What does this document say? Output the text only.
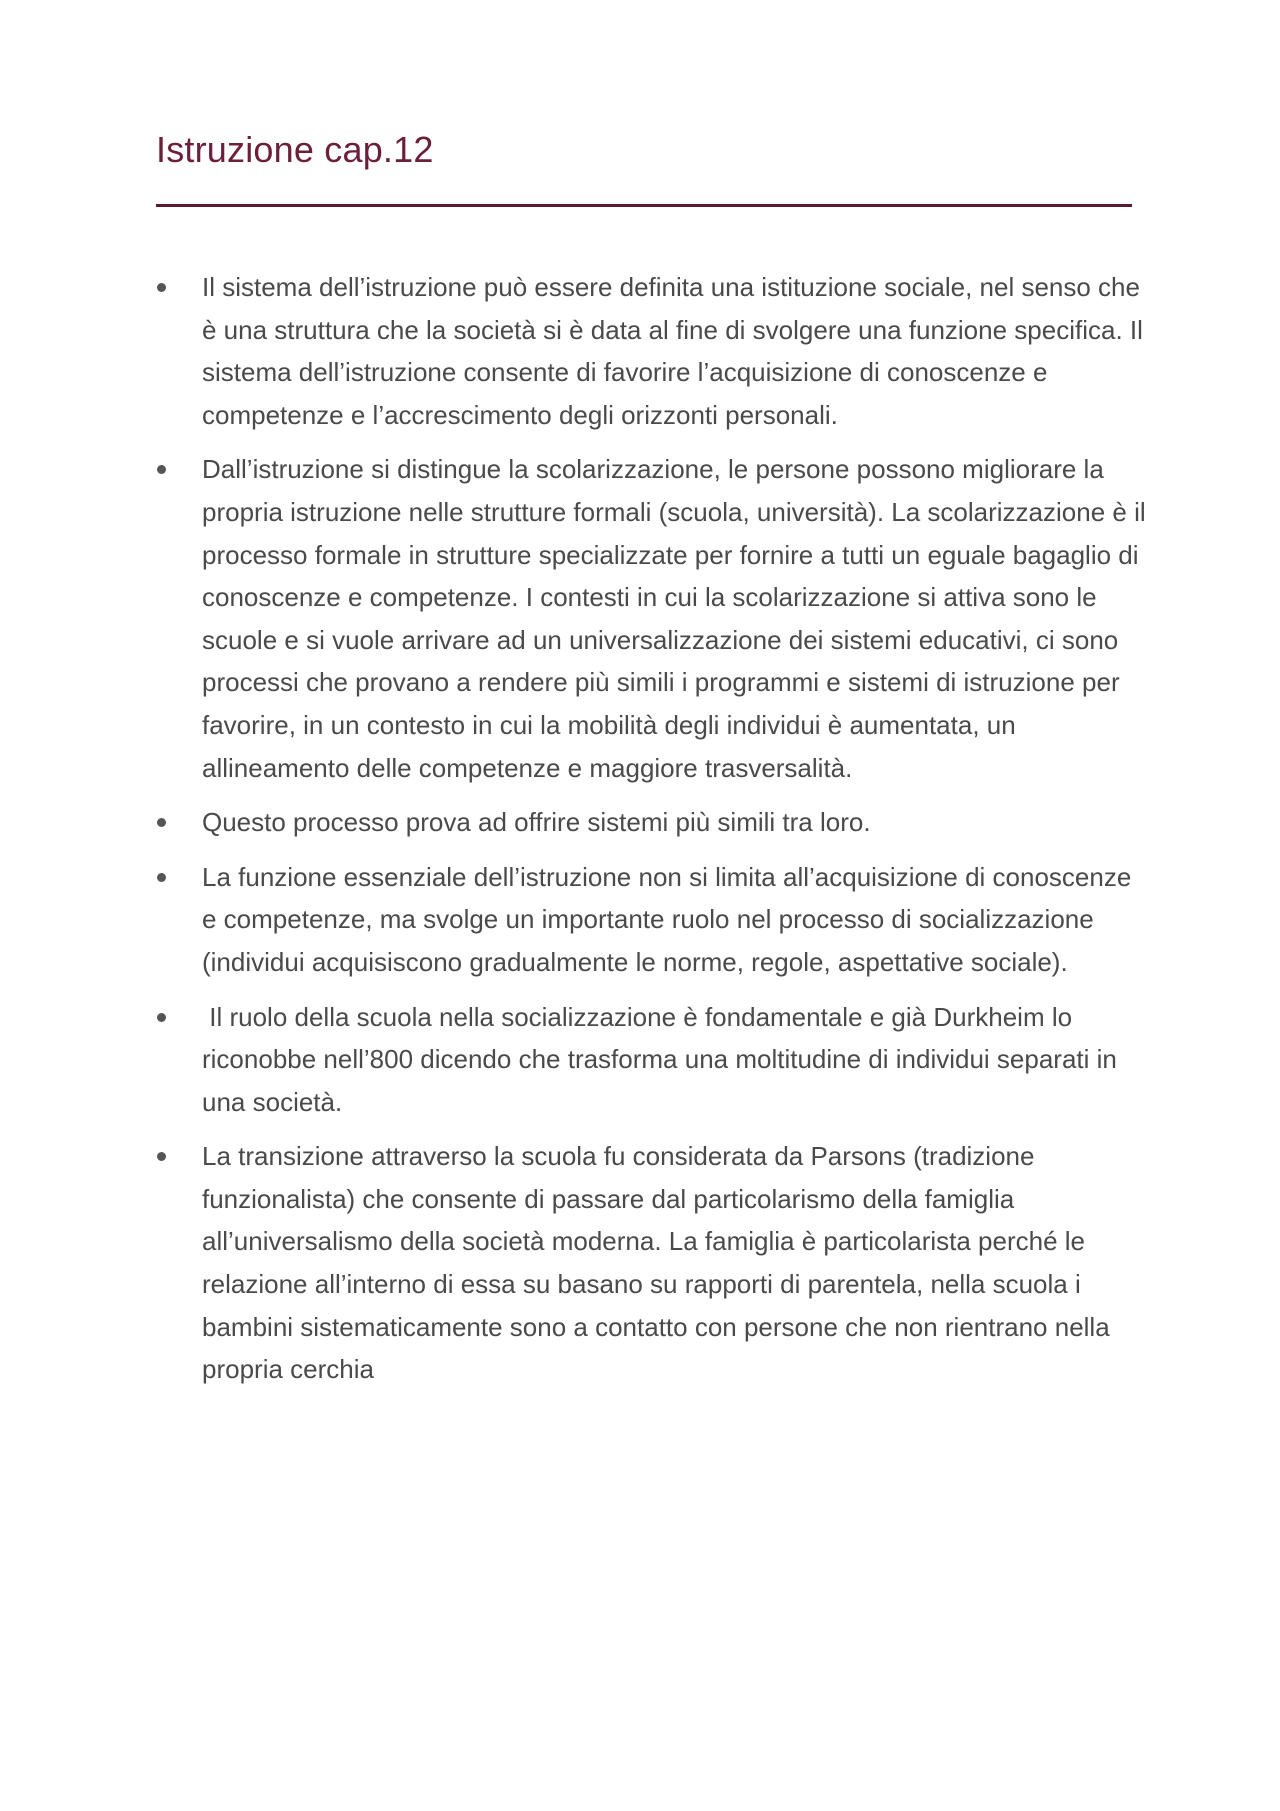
Istruzione cap.12
Il sistema dell’istruzione può essere definita una istituzione sociale, nel senso che è una struttura che la società si è data al fine di svolgere una funzione specifica. Il sistema dell’istruzione consente di favorire l’acquisizione di conoscenze e competenze e l’accrescimento degli orizzonti personali.
Dall’istruzione si distingue la scolarizzazione, le persone possono migliorare la propria istruzione nelle strutture formali (scuola, università). La scolarizzazione è il processo formale in strutture specializzate per fornire a tutti un eguale bagaglio di conoscenze e competenze. I contesti in cui la scolarizzazione si attiva sono le scuole e si vuole arrivare ad un universalizzazione dei sistemi educativi, ci sono processi che provano a rendere più simili i programmi e sistemi di istruzione per favorire, in un contesto in cui la mobilità degli individui è aumentata, un allineamento delle competenze e maggiore trasversalità.
Questo processo prova ad offrire sistemi più simili tra loro.
La funzione essenziale dell’istruzione non si limita all’acquisizione di conoscenze e competenze, ma svolge un importante ruolo nel processo di socializzazione (individui acquisiscono gradualmente le norme, regole, aspettative sociale).
Il ruolo della scuola nella socializzazione è fondamentale e già Durkheim lo riconobbe nell’800 dicendo che trasforma una moltitudine di individui separati in una società.
La transizione attraverso la scuola fu considerata da Parsons (tradizione funzionalista) che consente di passare dal particolarismo della famiglia all’universalismo della società moderna. La famiglia è particolarista perché le relazione all’interno di essa su basano su rapporti di parentela, nella scuola i bambini sistematicamente sono a contatto con persone che non rientrano nella propria cerchia
